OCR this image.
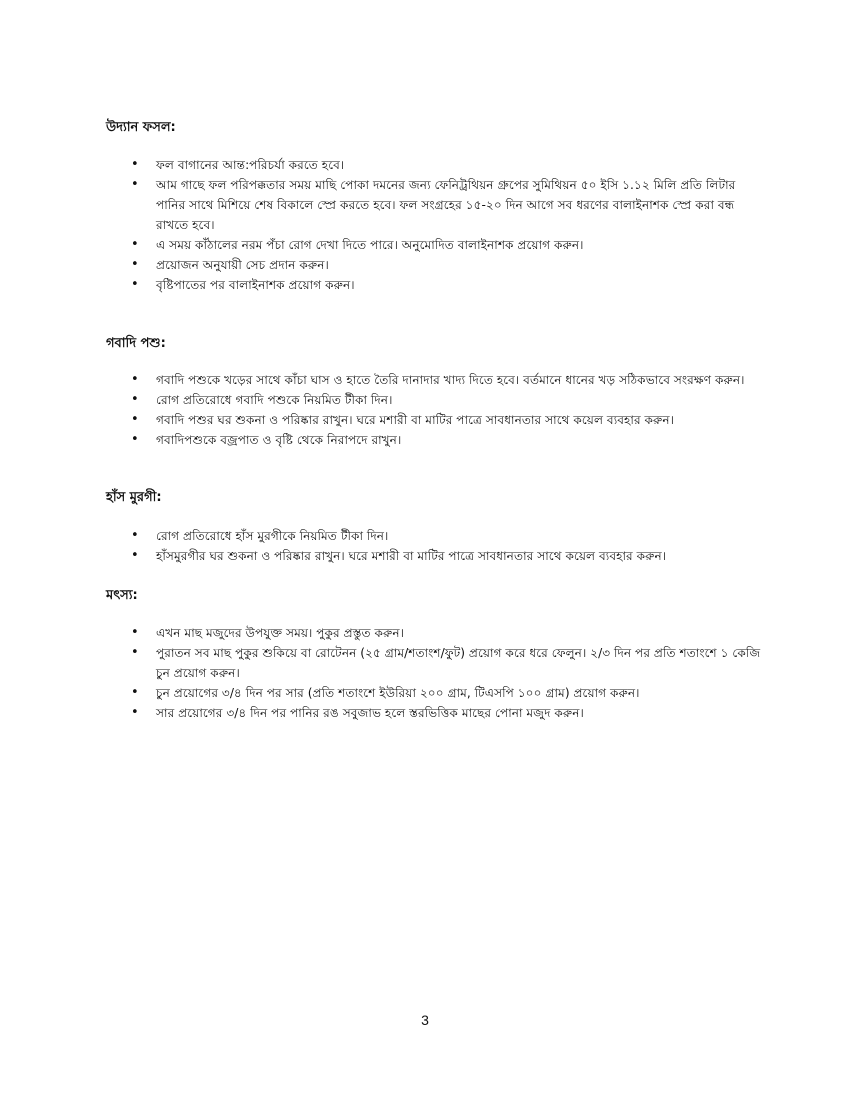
উদ্যান ফসল:
• ফল বাগানের আন্ত:পরিচর্যা করতে হবে।
• আম গাছে ফল পরিপক্কতার সময় মাছি পোকা দমনের জন্য ফেনিট্রথিয়ন গ্রুপের সুমিথিয়ন ৫০ ইসি ১.১২ মিলি প্রতি লিটার পানির সাথে মিশিয়ে শেষ বিকালে স্প্রে করতে হবে। ফল সংগ্রহের ১৫-২০ দিন আগে সব ধরণের বালাইনাশক স্প্রে করা বন্ধ রাখতে হবে।
• এ সময় কাঁঠালের নরম পঁচা রোগ দেখা দিতে পারে। অনুমোদিত বালাইনাশক প্রয়োগ করুন।
• প্রয়োজন অনুযায়ী সেচ প্রদান করুন।
• বৃষ্টিপাতের পর বালাইনাশক প্রয়োগ করুন।
গবাদি পশু:
• গবাদি পশুকে খড়ের সাথে কাঁচা ঘাস ও হাতে তৈরি দানাদার খাদ্য দিতে হবে। বর্তমানে ধানের খড় সঠিকভাবে সংরক্ষণ করুন।
• রোগ প্রতিরোধে গবাদি পশুকে নিয়মিত টীকা দিন।
• গবাদি পশুর ঘর শুকনা ও পরিষ্কার রাখুন। ঘরে মশারী বা মাটির পাত্রে সাবধানতার সাথে কয়েল ব্যবহার করুন।
• গবাদিপশুকে বজ্রপাত ও বৃষ্টি থেকে নিরাপদে রাখুন।
হাঁস মুরগী:
• রোগ প্রতিরোধে হাঁস মুরগীকে নিয়মিত টীকা দিন।
• হাঁসমুরগীর ঘর শুকনা ও পরিষ্কার রাখুন। ঘরে মশারী বা মাটির পাত্রে সাবধানতার সাথে কয়েল ব্যবহার করুন।
মৎস্য:
• এখন মাছ মজুদের উপযুক্ত সময়। পুকুর প্রস্তুত করুন।
• পুরাতন সব মাছ পুকুর শুকিয়ে বা রোটেনন (২৫ গ্রাম/শতাংশ/ফুট) প্রয়োগ করে ধরে ফেলুন। ২/৩ দিন পর প্রতি শতাংশে ১ কেজি চুন প্রয়োগ করুন।
• চুন প্রয়োগের ৩/৪ দিন পর সার (প্রতি শতাংশে ইউরিয়া ২০০ গ্রাম, টিএসপি ১০০ গ্রাম) প্রয়োগ করুন।
• সার প্রয়োগের ৩/৪ দিন পর পানির রঙ সবুজাভ হলে স্তরভিত্তিক মাছের পোনা মজুদ করুন।
3
